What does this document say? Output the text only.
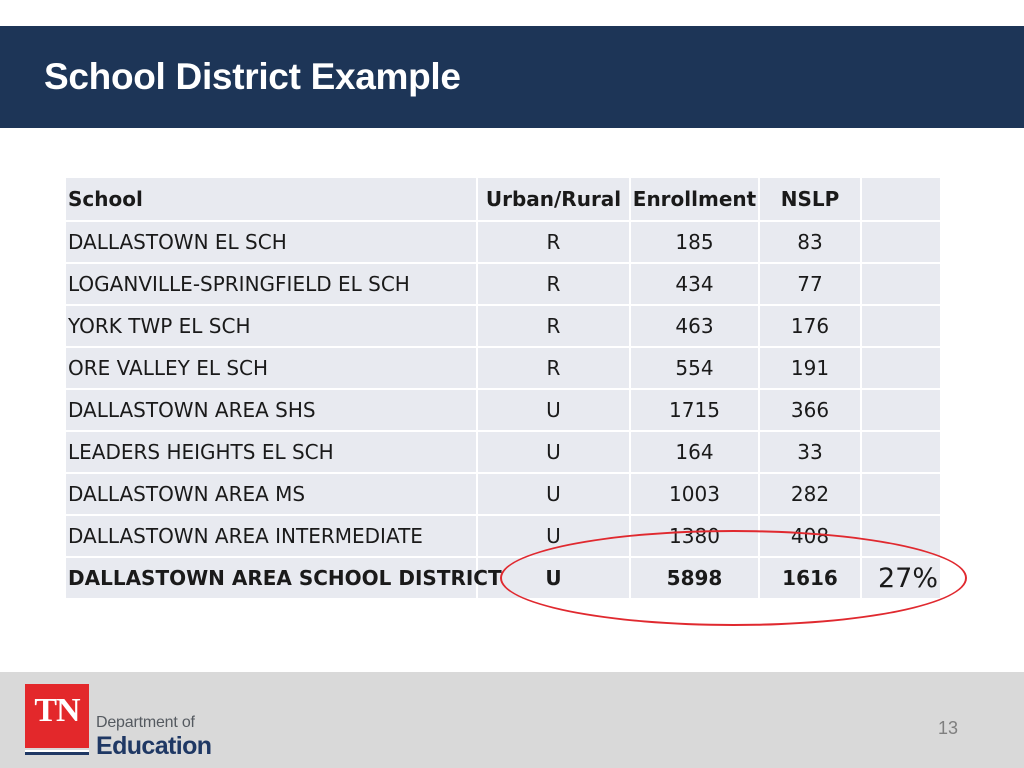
School District Example
School	Urban/Rural	Enrollment	NSLP	
DALLASTOWN EL SCH	R	185	83	
LOGANVILLE-SPRINGFIELD EL SCH	R	434	77	
YORK TWP EL SCH	R	463	176	
ORE VALLEY EL SCH	R	554	191	
DALLASTOWN AREA SHS	U	1715	366	
LEADERS HEIGHTS EL SCH	U	164	33	
DALLASTOWN AREA MS	U	1003	282	
DALLASTOWN AREA INTERMEDIATE	U	1380	408	
DALLASTOWN AREA SCHOOL DISTRICT	U	5898	1616	27%
TN	Department of
Education
13
